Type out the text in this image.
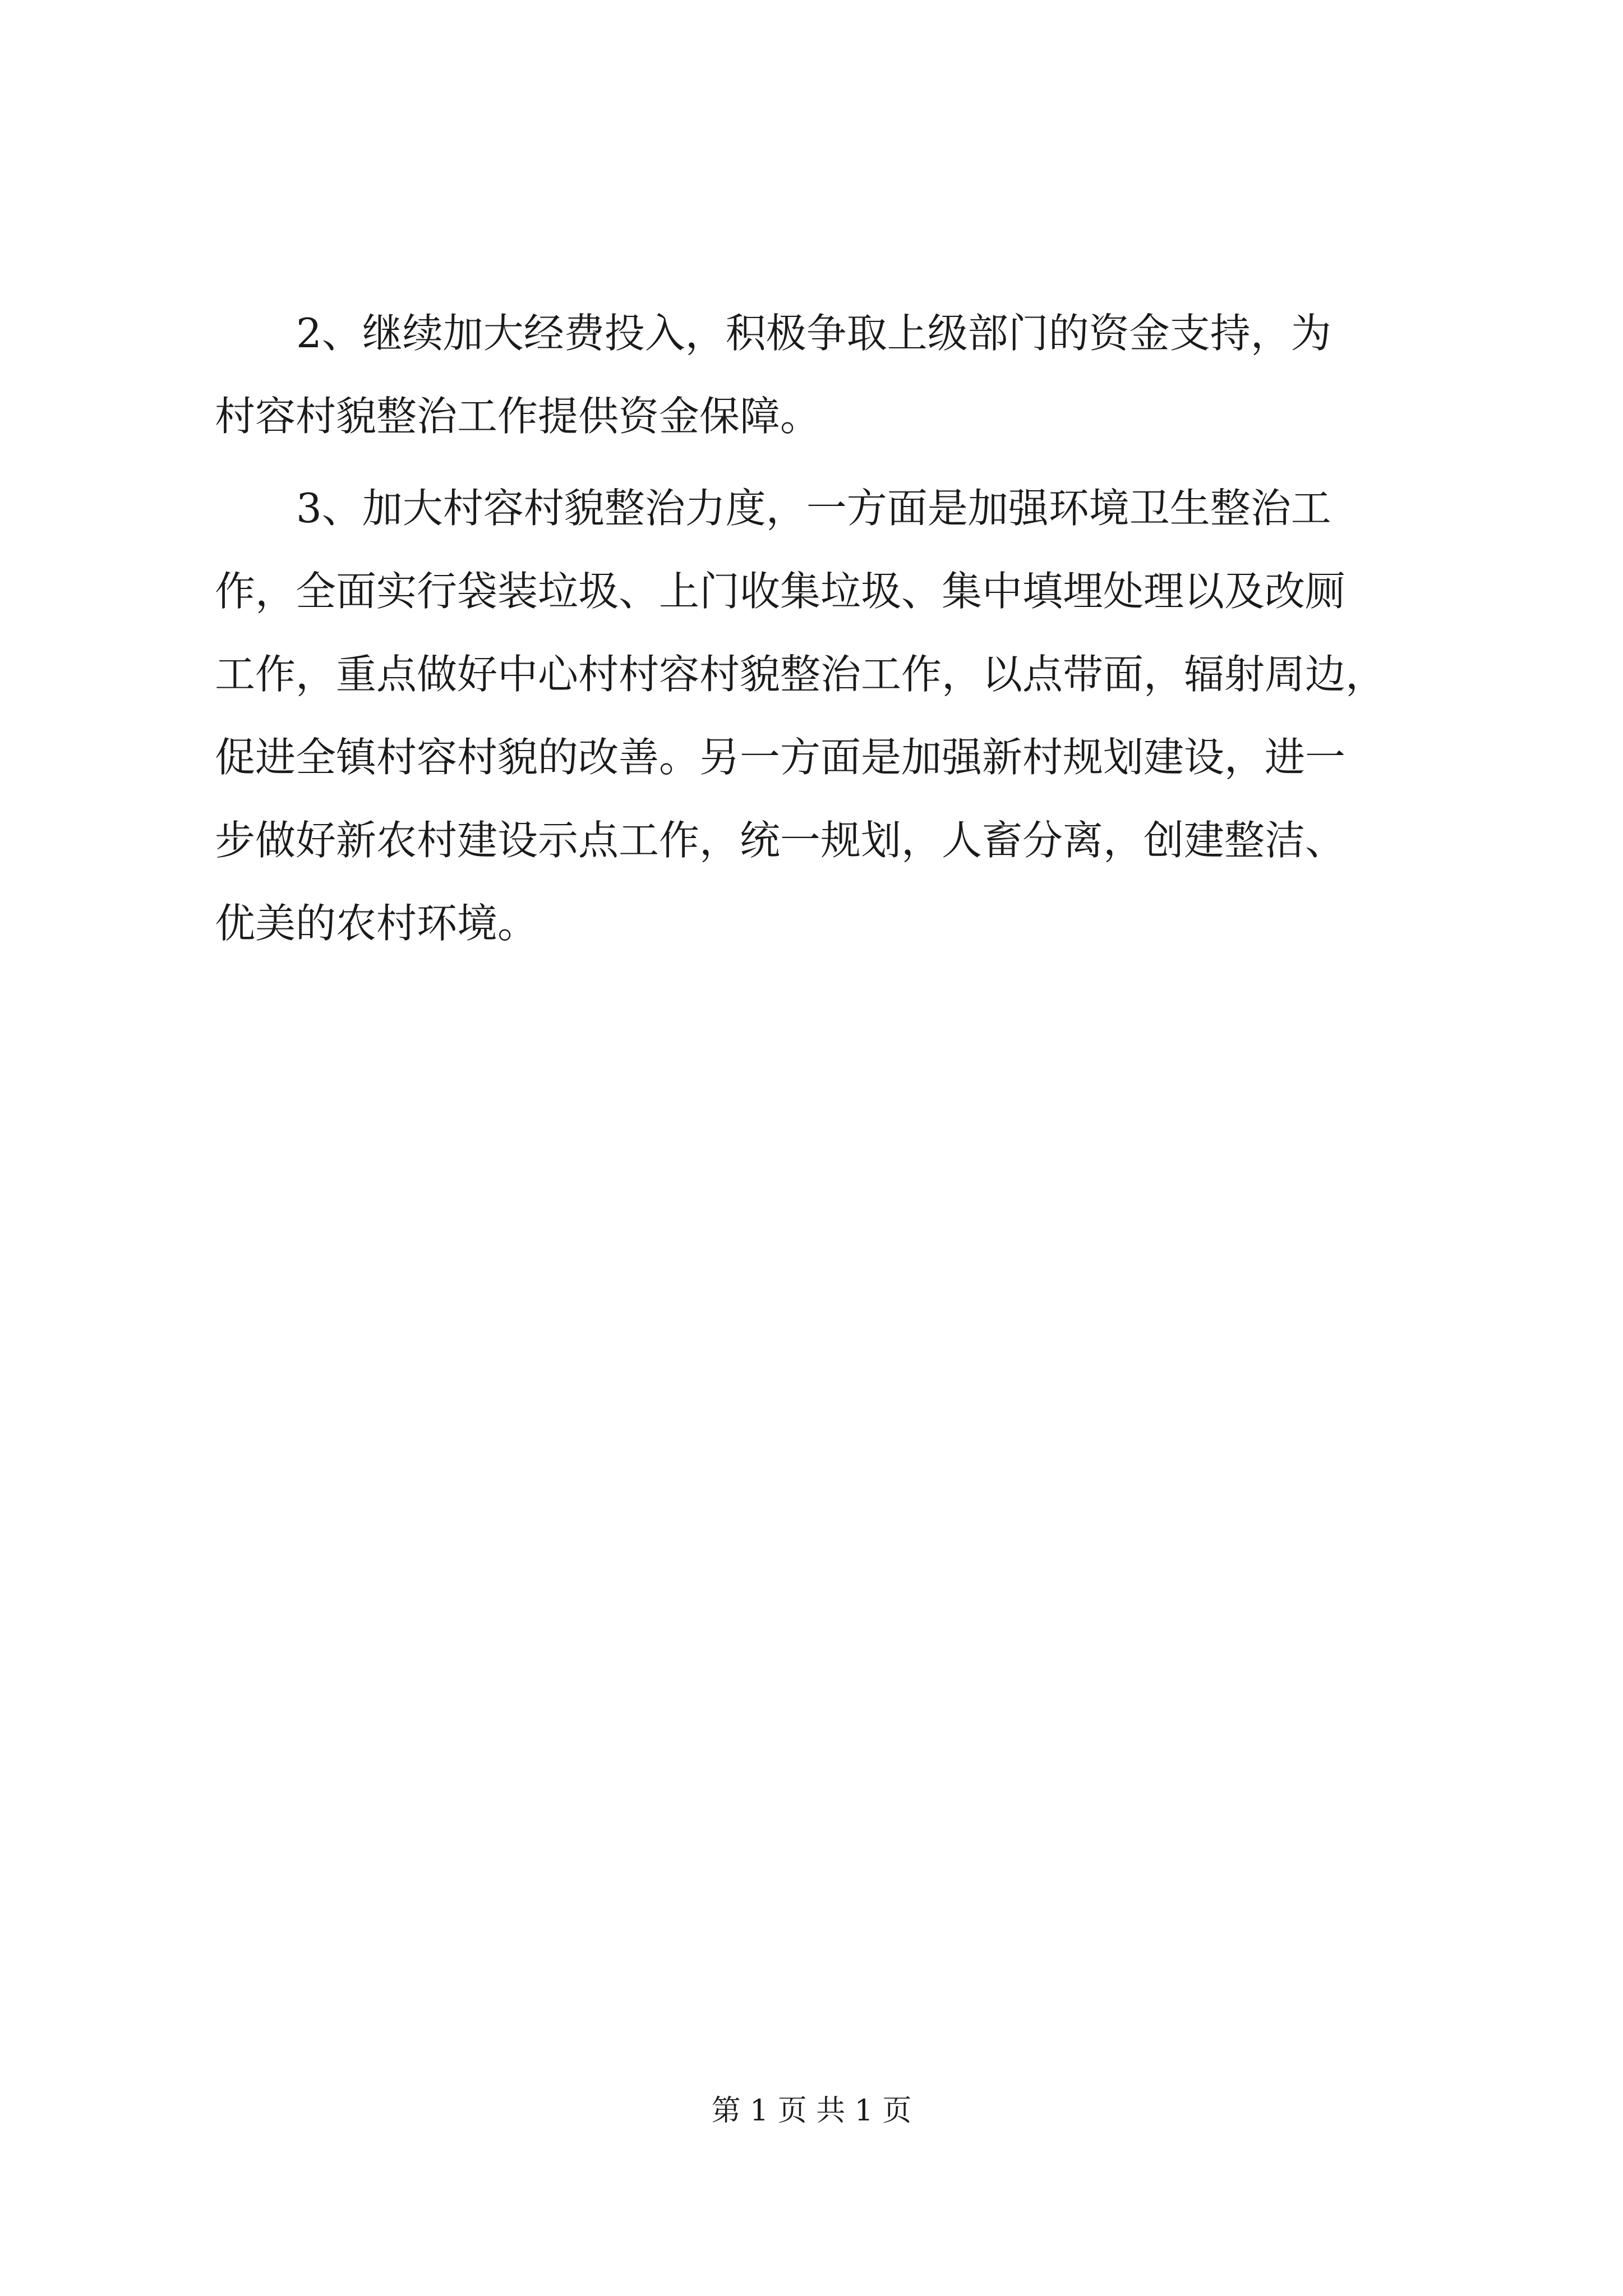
2、继续加大经费投入，积极争取上级部门的资金支持，为
村容村貌整治工作提供资金保障。
3、加大村容村貌整治力度，一方面是加强环境卫生整治工
作，全面实行袋装垃圾、上门收集垃圾、集中填埋处理以及改厕
工作，重点做好中心村村容村貌整治工作，以点带面，辐射周边，
促进全镇村容村貌的改善。另一方面是加强新村规划建设，进一
步做好新农村建设示点工作，统一规划，人畜分离，创建整洁、
优美的农村环境。
第 1 页 共 1 页
